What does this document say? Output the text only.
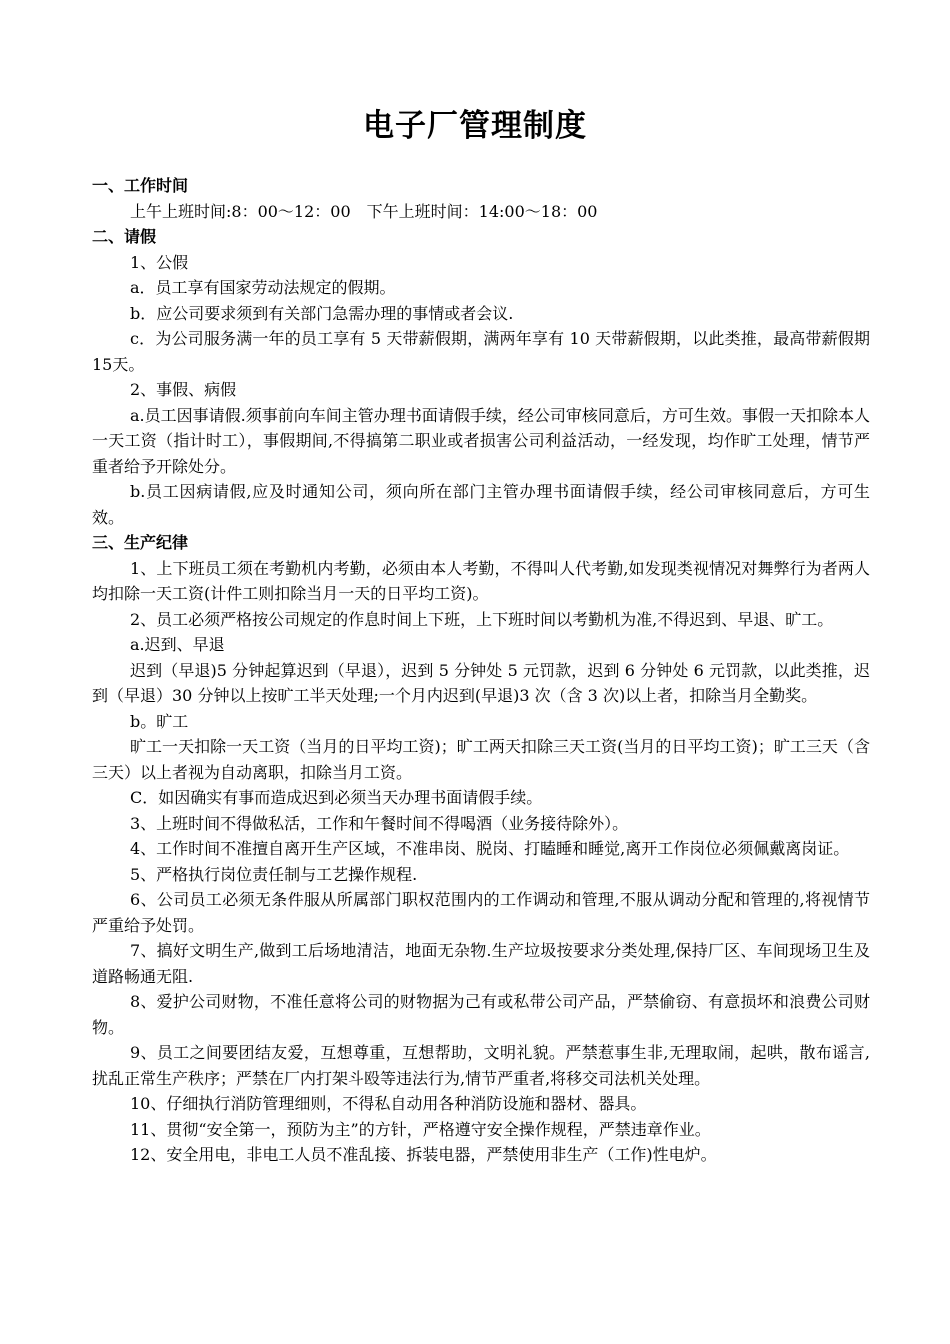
电子厂管理制度

一、工作时间

上午上班时间:8：00～12：00　下午上班时间：14:00～18：00

二、请假

1、公假

a．员工享有国家劳动法规定的假期。

b．应公司要求须到有关部门急需办理的事情或者会议.

c．为公司服务满一年的员工享有 5 天带薪假期，满两年享有 10 天带薪假期，以此类推，最高带薪假期15天。

2、事假、病假

a.员工因事请假.须事前向车间主管办理书面请假手续，经公司审核同意后，方可生效。事假一天扣除本人一天工资（指计时工），事假期间,不得搞第二职业或者损害公司利益活动，一经发现，均作旷工处理，情节严重者给予开除处分。

b.员工因病请假,应及时通知公司，须向所在部门主管办理书面请假手续，经公司审核同意后，方可生效。

三、生产纪律

1、上下班员工须在考勤机内考勤，必须由本人考勤，不得叫人代考勤,如发现类视情况对舞弊行为者两人均扣除一天工资(计件工则扣除当月一天的日平均工资)。

2、员工必须严格按公司规定的作息时间上下班，上下班时间以考勤机为准,不得迟到、早退、旷工。

a.迟到、早退

迟到（早退)5 分钟起算迟到（早退），迟到 5 分钟处 5 元罚款，迟到 6 分钟处 6 元罚款，以此类推，迟到（早退）30 分钟以上按旷工半天处理;一个月内迟到(早退)3 次（含 3 次)以上者，扣除当月全勤奖。

b。旷工

旷工一天扣除一天工资（当月的日平均工资)；旷工两天扣除三天工资(当月的日平均工资)；旷工三天（含三天）以上者视为自动离职，扣除当月工资。

C．如因确实有事而造成迟到必须当天办理书面请假手续。

3、上班时间不得做私活，工作和午餐时间不得喝酒（业务接待除外）。

4、工作时间不准擅自离开生产区域，不准串岗、脱岗、打瞌睡和睡觉,离开工作岗位必须佩戴离岗证。

5、严格执行岗位责任制与工艺操作规程.

6、公司员工必须无条件服从所属部门职权范围内的工作调动和管理,不服从调动分配和管理的,将视情节严重给予处罚。

7、搞好文明生产,做到工后场地清洁，地面无杂物.生产垃圾按要求分类处理,保持厂区、车间现场卫生及道路畅通无阻.

8、爱护公司财物，不准任意将公司的财物据为己有或私带公司产品，严禁偷窃、有意损坏和浪费公司财物。

9、员工之间要团结友爱，互想尊重，互想帮助，文明礼貌。严禁惹事生非,无理取闹，起哄，散布谣言,扰乱正常生产秩序；严禁在厂内打架斗殴等违法行为,情节严重者,将移交司法机关处理。

10、仔细执行消防管理细则，不得私自动用各种消防设施和器材、器具。

11、贯彻“安全第一，预防为主”的方针，严格遵守安全操作规程，严禁违章作业。

12、安全用电，非电工人员不准乱接、拆装电器，严禁使用非生产（工作)性电炉。
